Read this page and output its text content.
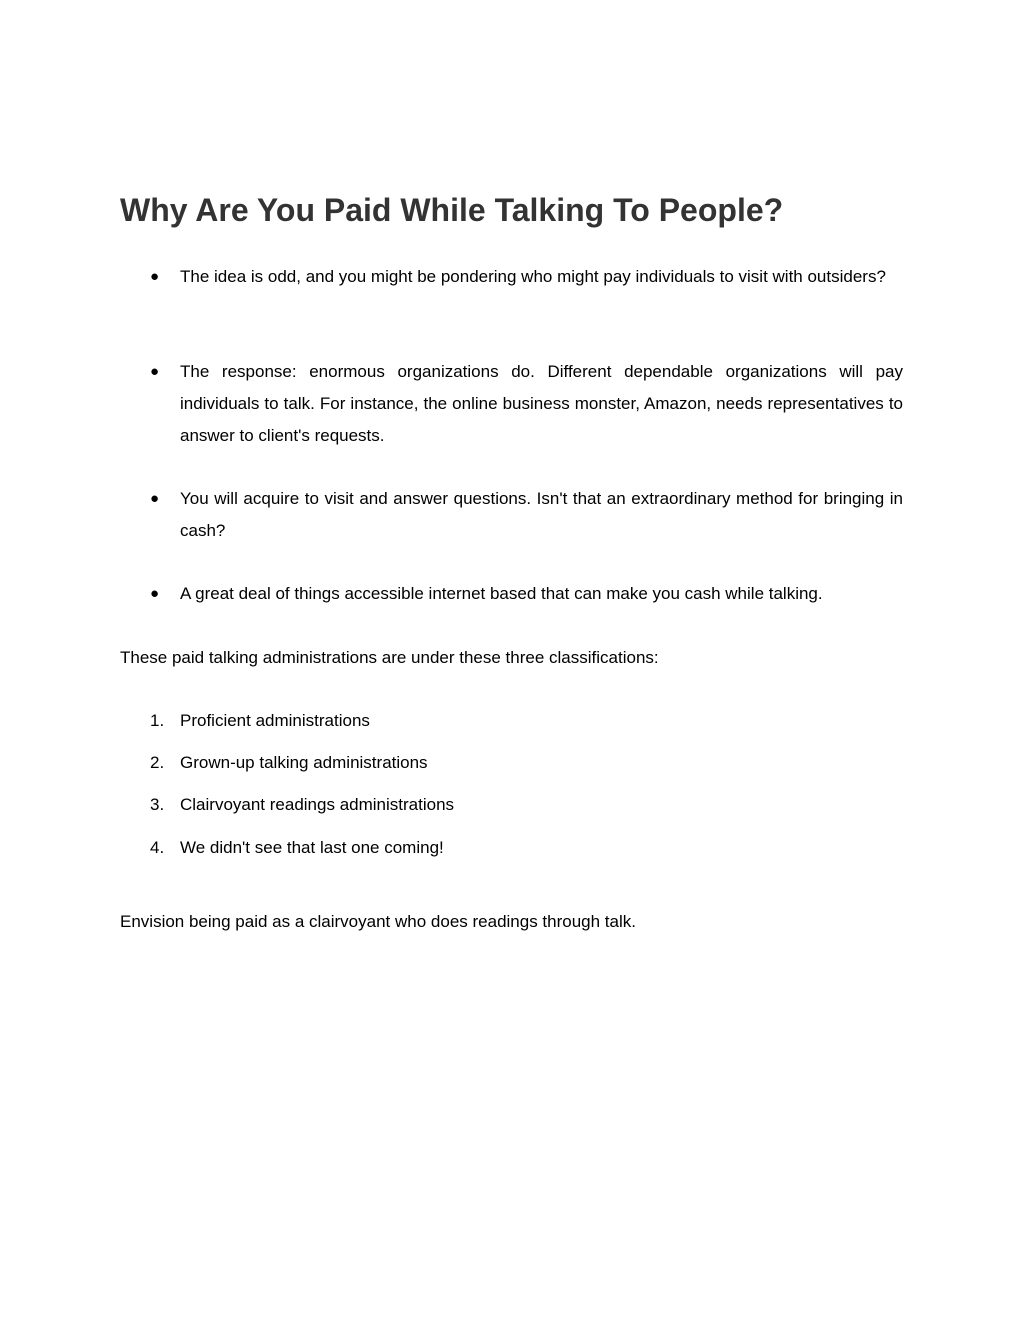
Why Are You Paid While Talking To People?
●	The idea is odd, and you might be pondering who might pay individuals to visit with outsiders?
●	The response: enormous organizations do. Different dependable organizations will pay individuals to talk. For instance, the online business monster, Amazon, needs representatives to answer to client's requests.
●	You will acquire to visit and answer questions. Isn't that an extraordinary method for bringing in cash?
●	A great deal of things accessible internet based that can make you cash while talking.

These paid talking administrations are under these three classifications:

1. Proficient administrations
2. Grown-up talking administrations
3. Clairvoyant readings administrations
4. We didn't see that last one coming!

Envision being paid as a clairvoyant who does readings through talk.
